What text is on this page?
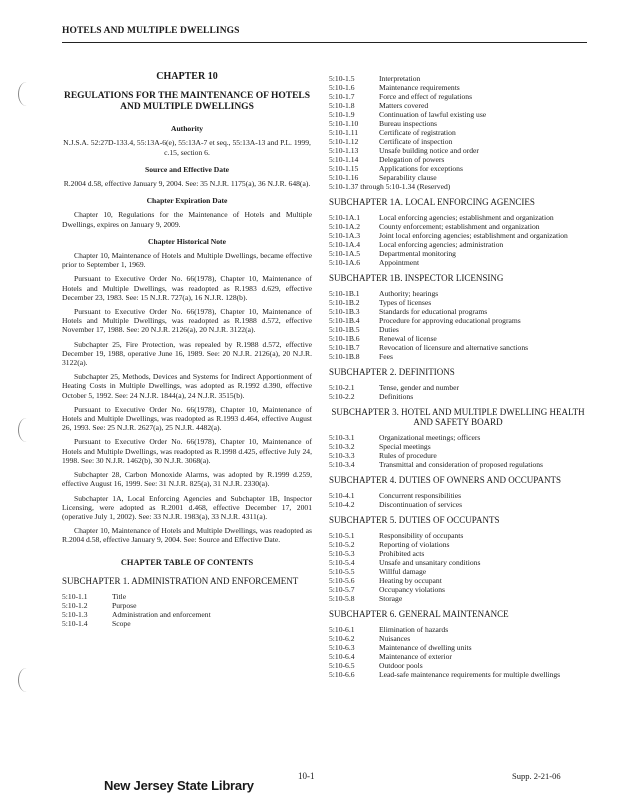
HOTELS AND MULTIPLE DWELLINGS
CHAPTER 10
REGULATIONS FOR THE MAINTENANCE OF HOTELS AND MULTIPLE DWELLINGS
Authority
N.J.S.A. 52:27D-133.4, 55:13A-6(e), 55:13A-7 et seq., 55:13A-13 and P.L. 1999, c.15, section 6.
Source and Effective Date
R.2004 d.58, effective January 9, 2004. See: 35 N.J.R. 1175(a), 36 N.J.R. 648(a).
Chapter Expiration Date
Chapter 10, Regulations for the Maintenance of Hotels and Multiple Dwellings, expires on January 9, 2009.
Chapter Historical Note
Chapter 10, Maintenance of Hotels and Multiple Dwellings, became effective prior to September 1, 1969.
Pursuant to Executive Order No. 66(1978), Chapter 10, Maintenance of Hotels and Multiple Dwellings, was readopted as R.1983 d.629, effective December 23, 1983. See: 15 N.J.R. 727(a), 16 N.J.R. 128(b).
Pursuant to Executive Order No. 66(1978), Chapter 10, Maintenance of Hotels and Multiple Dwellings, was readopted as R.1988 d.572, effective November 17, 1988. See: 20 N.J.R. 2126(a), 20 N.J.R. 3122(a).
Subchapter 25, Fire Protection, was repealed by R.1988 d.572, effective December 19, 1988, operative June 16, 1989. See: 20 N.J.R. 2126(a), 20 N.J.R. 3122(a).
Subchapter 25, Methods, Devices and Systems for Indirect Apportionment of Heating Costs in Multiple Dwellings, was adopted as R.1992 d.390, effective October 5, 1992. See: 24 N.J.R. 1844(a), 24 N.J.R. 3515(b).
Pursuant to Executive Order No. 66(1978), Chapter 10, Maintenance of Hotels and Multiple Dwellings, was readopted as R.1993 d.464, effective August 26, 1993. See: 25 N.J.R. 2627(a), 25 N.J.R. 4482(a).
Pursuant to Executive Order No. 66(1978), Chapter 10, Maintenance of Hotels and Multiple Dwellings, was readopted as R.1998 d.425, effective July 24, 1998. See: 30 N.J.R. 1462(b), 30 N.J.R. 3068(a).
Subchapter 28, Carbon Monoxide Alarms, was adopted by R.1999 d.259, effective August 16, 1999. See: 31 N.J.R. 825(a), 31 N.J.R. 2330(a).
Subchapter 1A, Local Enforcing Agencies and Subchapter 1B, Inspector Licensing, were adopted as R.2001 d.468, effective December 17, 2001 (operative July 1, 2002). See: 33 N.J.R. 1983(a), 33 N.J.R. 4311(a).
Chapter 10, Maintenance of Hotels and Multiple Dwellings, was readopted as R.2004 d.58, effective January 9, 2004. See: Source and Effective Date.
CHAPTER TABLE OF CONTENTS
SUBCHAPTER 1. ADMINISTRATION AND ENFORCEMENT
5:10-1.1	Title
5:10-1.2	Purpose
5:10-1.3	Administration and enforcement
5:10-1.4	Scope
5:10-1.5	Interpretation
5:10-1.6	Maintenance requirements
5:10-1.7	Force and effect of regulations
5:10-1.8	Matters covered
5:10-1.9	Continuation of lawful existing use
5:10-1.10	Bureau inspections
5:10-1.11	Certificate of registration
5:10-1.12	Certificate of inspection
5:10-1.13	Unsafe building notice and order
5:10-1.14	Delegation of powers
5:10-1.15	Applications for exceptions
5:10-1.16	Separability clause
5:10-1.37 through 5:10-1.34 (Reserved)
SUBCHAPTER 1A. LOCAL ENFORCING AGENCIES
5:10-1A.1	Local enforcing agencies; establishment and organization
5:10-1A.2	County enforcement; establishment and organization
5:10-1A.3	Joint local enforcing agencies; establishment and organization
5:10-1A.4	Local enforcing agencies; administration
5:10-1A.5	Departmental monitoring
5:10-1A.6	Appointment
SUBCHAPTER 1B. INSPECTOR LICENSING
5:10-1B.1	Authority; hearings
5:10-1B.2	Types of licenses
5:10-1B.3	Standards for educational programs
5:10-1B.4	Procedure for approving educational programs
5:10-1B.5	Duties
5:10-1B.6	Renewal of license
5:10-1B.7	Revocation of licensure and alternative sanctions
5:10-1B.8	Fees
SUBCHAPTER 2. DEFINITIONS
5:10-2.1	Tense, gender and number
5:10-2.2	Definitions
SUBCHAPTER 3. HOTEL AND MULTIPLE DWELLING HEALTH AND SAFETY BOARD
5:10-3.1	Organizational meetings; officers
5:10-3.2	Special meetings
5:10-3.3	Rules of procedure
5:10-3.4	Transmittal and consideration of proposed regulations
SUBCHAPTER 4. DUTIES OF OWNERS AND OCCUPANTS
5:10-4.1	Concurrent responsibilities
5:10-4.2	Discontinuation of services
SUBCHAPTER 5. DUTIES OF OCCUPANTS
5:10-5.1	Responsibility of occupants
5:10-5.2	Reporting of violations
5:10-5.3	Prohibited acts
5:10-5.4	Unsafe and unsanitary conditions
5:10-5.5	Willful damage
5:10-5.6	Heating by occupant
5:10-5.7	Occupancy violations
5:10-5.8	Storage
SUBCHAPTER 6. GENERAL MAINTENANCE
5:10-6.1	Elimination of hazards
5:10-6.2	Nuisances
5:10-6.3	Maintenance of dwelling units
5:10-6.4	Maintenance of exterior
5:10-6.5	Outdoor pools
5:10-6.6	Lead-safe maintenance requirements for multiple dwellings
10-1	Supp. 2-21-06
New Jersey State Library
